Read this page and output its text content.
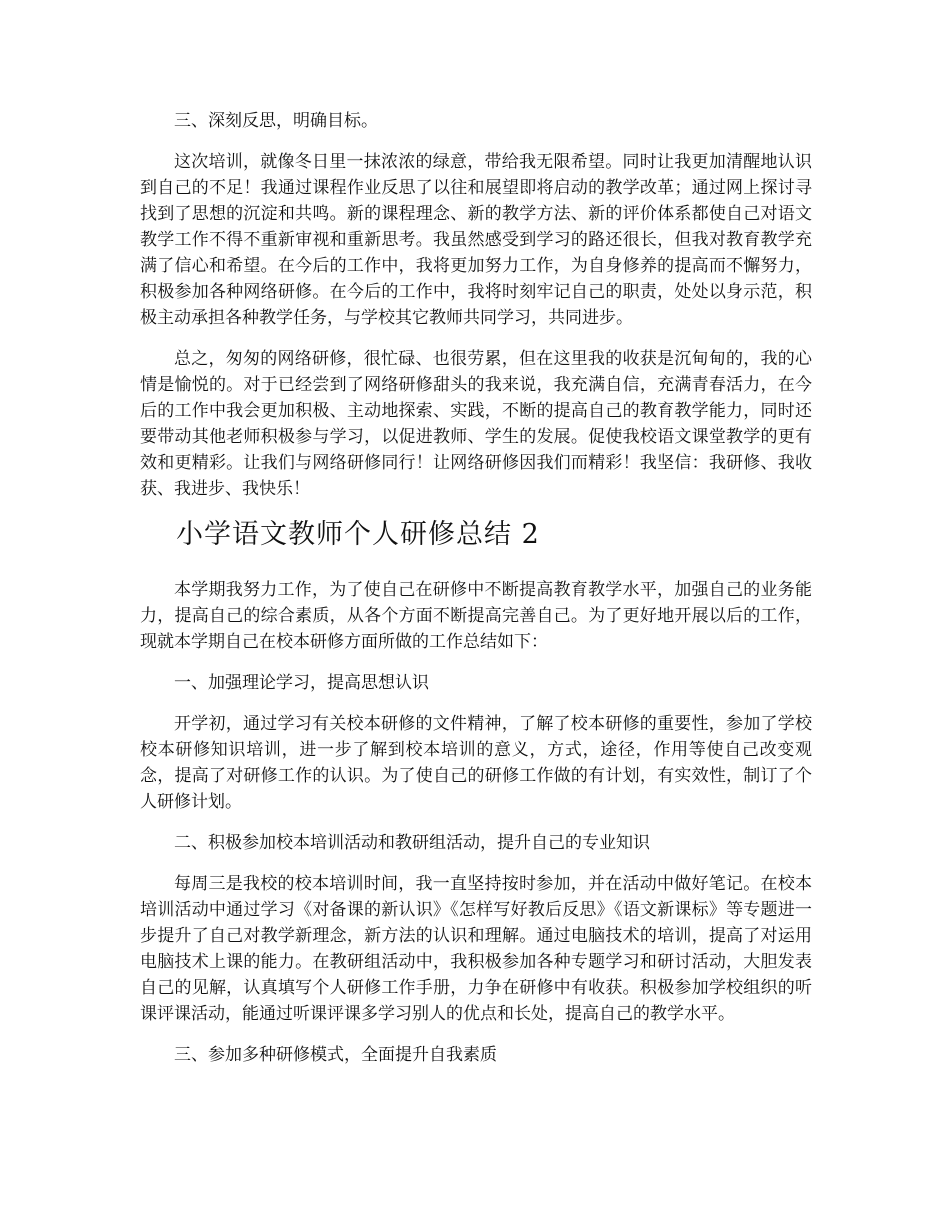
三、深刻反思，明确目标。

这次培训，就像冬日里一抹浓浓的绿意，带给我无限希望。同时让我更加清醒地认识到自己的不足！我通过课程作业反思了以往和展望即将启动的教学改革；通过网上探讨寻找到了思想的沉淀和共鸣。新的课程理念、新的教学方法、新的评价体系都使自己对语文教学工作不得不重新审视和重新思考。我虽然感受到学习的路还很长，但我对教育教学充满了信心和希望。在今后的工作中，我将更加努力工作，为自身修养的提高而不懈努力，积极参加各种网络研修。在今后的工作中，我将时刻牢记自己的职责，处处以身示范，积极主动承担各种教学任务，与学校其它教师共同学习，共同进步。

总之，匆匆的网络研修，很忙碌、也很劳累，但在这里我的收获是沉甸甸的，我的心情是愉悦的。对于已经尝到了网络研修甜头的我来说，我充满自信，充满青春活力，在今后的工作中我会更加积极、主动地探索、实践，不断的提高自己的教育教学能力，同时还要带动其他老师积极参与学习，以促进教师、学生的发展。促使我校语文课堂教学的更有效和更精彩。让我们与网络研修同行！让网络研修因我们而精彩！我坚信：我研修、我收获、我进步、我快乐！

小学语文教师个人研修总结 2

本学期我努力工作，为了使自己在研修中不断提高教育教学水平，加强自己的业务能力，提高自己的综合素质，从各个方面不断提高完善自己。为了更好地开展以后的工作，现就本学期自己在校本研修方面所做的工作总结如下：

一、加强理论学习，提高思想认识

开学初，通过学习有关校本研修的文件精神，了解了校本研修的重要性，参加了学校校本研修知识培训，进一步了解到校本培训的意义，方式，途径，作用等使自己改变观念，提高了对研修工作的认识。为了使自己的研修工作做的有计划，有实效性，制订了个人研修计划。

二、积极参加校本培训活动和教研组活动，提升自己的专业知识

每周三是我校的校本培训时间，我一直坚持按时参加，并在活动中做好笔记。在校本培训活动中通过学习《对备课的新认识》《怎样写好教后反思》《语文新课标》等专题进一步提升了自己对教学新理念，新方法的认识和理解。通过电脑技术的培训，提高了对运用电脑技术上课的能力。在教研组活动中，我积极参加各种专题学习和研讨活动，大胆发表自己的见解，认真填写个人研修工作手册，力争在研修中有收获。积极参加学校组织的听课评课活动，能通过听课评课多学习别人的优点和长处，提高自己的教学水平。

三、参加多种研修模式，全面提升自我素质
